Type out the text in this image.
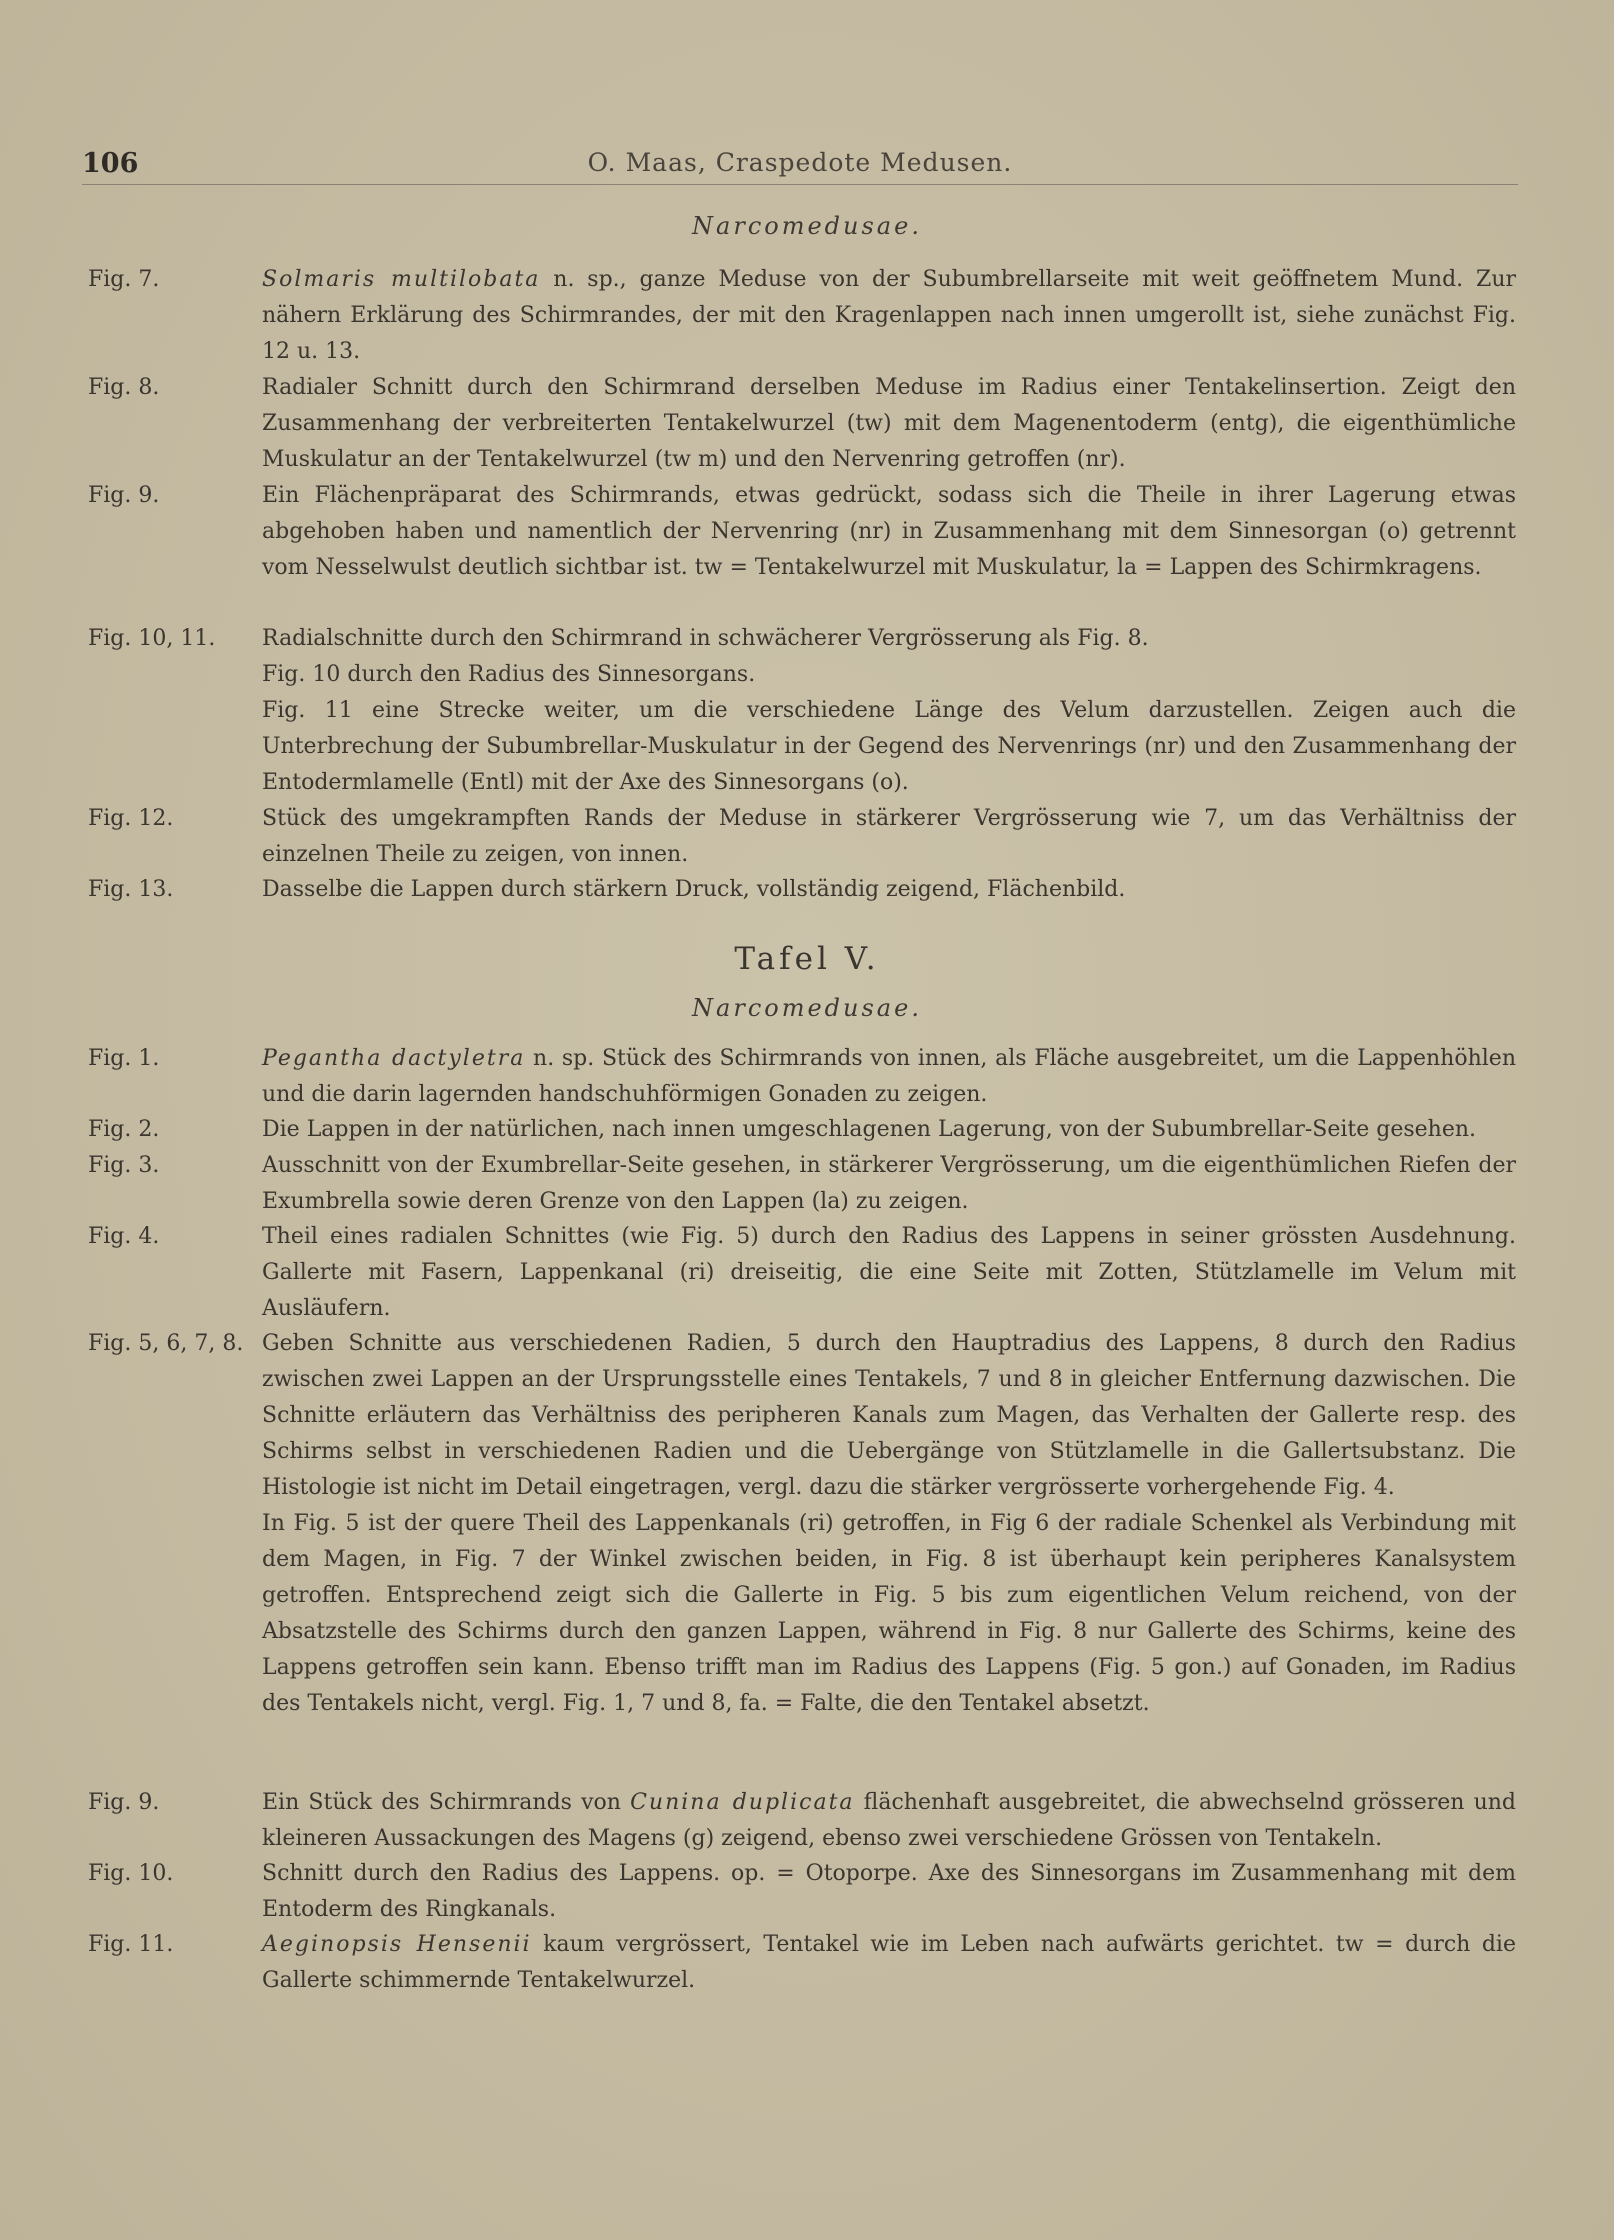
106	O. Maas, Craspedote Medusen.
Narcomedusae.
Fig. 7.	Solmaris multilobata n. sp., ganze Meduse von der Subumbrellarseite mit weit geöffnetem Mund. Zur nähern Erklärung des Schirmrandes, der mit den Kragenlappen nach innen umgerollt ist, siehe zunächst Fig. 12 u. 13.
Fig. 8.	Radialer Schnitt durch den Schirmrand derselben Meduse im Radius einer Tentakelinsertion. Zeigt den Zusammenhang der verbreiterten Tentakelwurzel (tw) mit dem Magenentoderm (entg), die eigenthümliche Muskulatur an der Tentakelwurzel (tw m) und den Nervenring getroffen (nr).
Fig. 9.	Ein Flächenpräparat des Schirmrands, etwas gedrückt, sodass sich die Theile in ihrer Lagerung etwas abgehoben haben und namentlich der Nervenring (nr) in Zusammenhang mit dem Sinnesorgan (o) getrennt vom Nesselwulst deutlich sichtbar ist. tw = Tentakelwurzel mit Muskulatur, la = Lappen des Schirmkragens.
Fig. 10, 11. Radialschnitte durch den Schirmrand in schwächerer Vergrösserung als Fig. 8.

Fig. 10 durch den Radius des Sinnesorgans.

Fig. 11 eine Strecke weiter, um die verschiedene Länge des Velum darzustellen. Zeigen auch die Unterbrechung der Subumbrellar-Muskulatur in der Gegend des Nervenrings (nr) und den Zusammenhang der Entodermlamelle (Entl) mit der Axe des Sinnesorgans (o).

Fig. 12.	Stück des umgekrampften Rands der Meduse in stärkerer Vergrösserung wie 7, um das Verhältniss der einzelnen Theile zu zeigen, von innen.
Fig. 13.	Dasselbe die Lappen durch stärkern Druck, vollständig zeigend, Flächenbild.
Tafel V.
Narcomedusae.
Fig. 1.	Pegantha dactyletra n. sp. Stück des Schirmrands von innen, als Fläche ausgebreitet, um die Lappenhöhlen und die darin lagernden handschuhförmigen Gonaden zu zeigen.
Fig. 2.	Die Lappen in der natürlichen, nach innen umgeschlagenen Lagerung, von der Subumbrellar-Seite gesehen.
Fig. 3.	Ausschnitt von der Exumbrellar-Seite gesehen, in stärkerer Vergrösserung, um die eigenthümlichen Riefen der Exumbrella sowie deren Grenze von den Lappen (la) zu zeigen.
Fig. 4.	Theil eines radialen Schnittes (wie Fig. 5) durch den Radius des Lappens in seiner grössten Ausdehnung. Gallerte mit Fasern, Lappenkanal (ri) dreiseitig, die eine Seite mit Zotten, Stützlamelle im Velum mit Ausläufern.
Fig. 5, 6, 7, 8. Geben Schnitte aus verschiedenen Radien, 5 durch den Hauptradius des Lappens, 8 durch den Radius zwischen zwei Lappen an der Ursprungsstelle eines Tentakels, 7 und 8 in gleicher Entfernung dazwischen. Die Schnitte erläutern das Verhältniss des peripheren Kanals zum Magen, das Verhalten der Gallerte resp. des Schirms selbst in verschiedenen Radien und die Uebergänge von Stützlamelle in die Gallertsubstanz. Die Histologie ist nicht im Detail eingetragen, vergl. dazu die stärker vergrösserte vorhergehende Fig. 4.

In Fig. 5 ist der quere Theil des Lappenkanals (ri) getroffen, in Fig 6 der radiale Schenkel als Verbindung mit dem Magen, in Fig. 7 der Winkel zwischen beiden, in Fig. 8 ist überhaupt kein peripheres Kanalsystem getroffen. Entsprechend zeigt sich die Gallerte in Fig. 5 bis zum eigentlichen Velum reichend, von der Absatzstelle des Schirms durch den ganzen Lappen, während in Fig. 8 nur Gallerte des Schirms, keine des Lappens getroffen sein kann. Ebenso trifft man im Radius des Lappens (Fig. 5 gon.) auf Gonaden, im Radius des Tentakels nicht, vergl. Fig. 1, 7 und 8, fa. = Falte, die den Tentakel absetzt.

Fig. 9.	Ein Stück des Schirmrands von Cunina duplicata flächenhaft ausgebreitet, die abwechselnd grösseren und kleineren Aussackungen des Magens (g) zeigend, ebenso zwei verschiedene Grössen von Tentakeln.
Fig. 10.	Schnitt durch den Radius des Lappens. op. = Otoporpe. Axe des Sinnesorgans im Zusammenhang mit dem Entoderm des Ringkanals.
Fig. 11.	Aeginopsis Hensenii kaum vergrössert, Tentakel wie im Leben nach aufwärts gerichtet. tw = durch die Gallerte schimmernde Tentakelwurzel.
